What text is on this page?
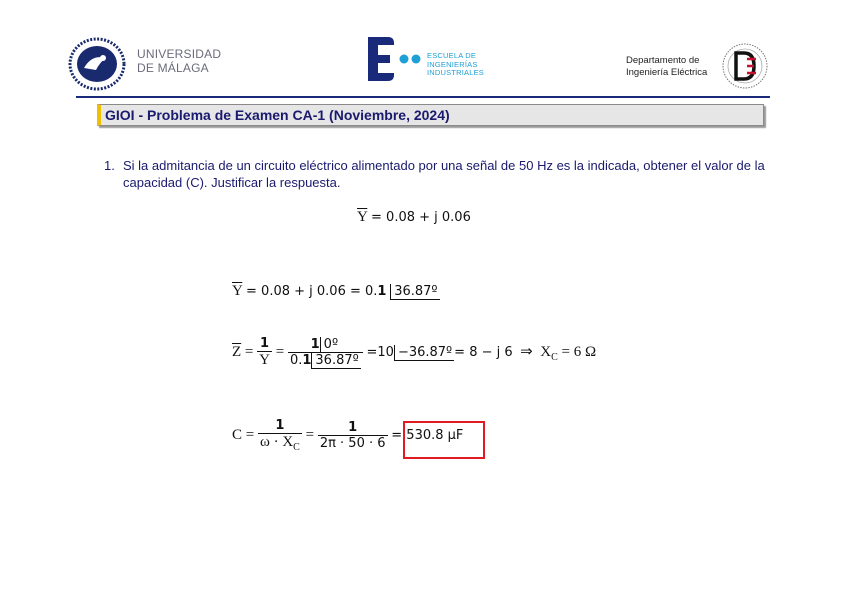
UNIVERSIDAD
DE MÁLAGA
ESCUELA DE
INGENIERÍAS
INDUSTRIALES
Departamento de
Ingeniería Eléctrica
GIOI - Problema de Examen CA-1 (Noviembre, 2024)
1. Si la admitancia de un circuito eléctrico alimentado por una señal de 50 Hz es la indicada, obtener el valor de la capacidad (C). Justificar la respuesta.
$\overline{Y} = 0.08 + j$ 0.06
$\overline{Y} = 0.08 + j$ 0.06 = 0.1 36.87º
$\overline{Z} = \frac{1}{Y} = \frac{\text{1 0º}}{\text{0.1 36.87º}} =10$ −36.87º = 8 − j 6 ⇒ $X_C = 6$ Ω
$C = \frac{1}{\omega \cdot X_C} = \frac{1}{2\pi \cdot 50 \cdot 6} = 530.8$ μF
